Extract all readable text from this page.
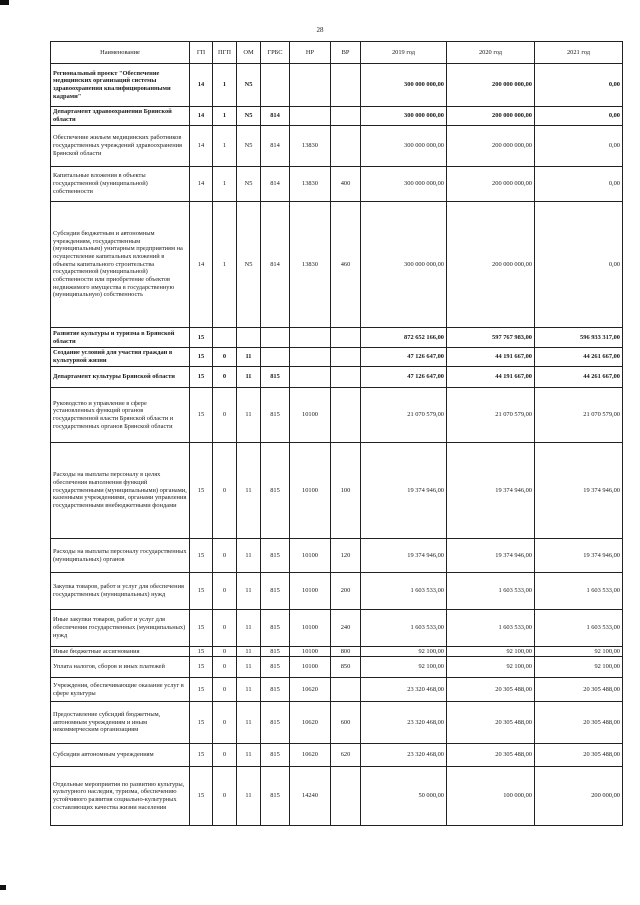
28
Наименование	ГП	ПГП	ОМ	ГРБС	НР	ВР	2019 год	2020 год	2021 год
Региональный проект "Обеспечение медицинских организаций системы здравоохранения квалифицированными кадрами"	14	1	N5				300 000 000,00	200 000 000,00	0,00
Департамент здравоохранения Брянской области	14	1	N5	814			300 000 000,00	200 000 000,00	0,00
Обеспечение жильем медицинских работников государственных учреждений здравоохранения Брянской области	14	1	N5	814	13830		300 000 000,00	200 000 000,00	0,00
Капитальные вложения в объекты государственной (муниципальной) собственности	14	1	N5	814	13830	400	300 000 000,00	200 000 000,00	0,00
Субсидии бюджетным и автономным учреждениям, государственным (муниципальным) унитарным предприятиям на осуществление капитальных вложений в объекты капитального строительства государственной (муниципальной) собственности или приобретение объектов недвижимого имущества в государственную (муниципальную) собственность	14	1	N5	814	13830	460	300 000 000,00	200 000 000,00	0,00
Развитие культуры и туризма в Брянской области	15						872 652 166,00	597 767 983,00	596 933 317,00
Создание условий для участия граждан в культурной жизни	15	0	11				47 126 647,00	44 191 667,00	44 261 667,00
Департамент культуры Брянской области	15	0	11	815			47 126 647,00	44 191 667,00	44 261 667,00
Руководство и управление в сфере установленных функций органов государственной власти Брянской области и государственных органов Брянской области	15	0	11	815	10100		21 070 579,00	21 070 579,00	21 070 579,00
Расходы на выплаты персоналу в целях обеспечения выполнения функций государственными (муниципальными) органами, казенными учреждениями, органами управления государственными внебюджетными фондами	15	0	11	815	10100	100	19 374 946,00	19 374 946,00	19 374 946,00
Расходы на выплаты персоналу государственных (муниципальных) органов	15	0	11	815	10100	120	19 374 946,00	19 374 946,00	19 374 946,00
Закупка товаров, работ и услуг для обеспечения государственных (муниципальных) нужд	15	0	11	815	10100	200	1 603 533,00	1 603 533,00	1 603 533,00
Иные закупки товаров, работ и услуг для обеспечения государственных (муниципальных) нужд	15	0	11	815	10100	240	1 603 533,00	1 603 533,00	1 603 533,00
Иные бюджетные ассигнования	15	0	11	815	10100	800	92 100,00	92 100,00	92 100,00
Уплата налогов, сборов и иных платежей	15	0	11	815	10100	850	92 100,00	92 100,00	92 100,00
Учреждения, обеспечивающие оказание услуг в сфере культуры	15	0	11	815	10620		23 320 468,00	20 305 488,00	20 305 488,00
Предоставление субсидий бюджетным, автономным учреждениям и иным некоммерческим организациям	15	0	11	815	10620	600	23 320 468,00	20 305 488,00	20 305 488,00
Субсидии автономным учреждениям	15	0	11	815	10620	620	23 320 468,00	20 305 488,00	20 305 488,00
Отдельные мероприятия по развитию культуры, культурного наследия, туризма, обеспечению устойчивого развития социально-культурных составляющих качества жизни населения	15	0	11	815	14240		50 000,00	100 000,00	200 000,00
